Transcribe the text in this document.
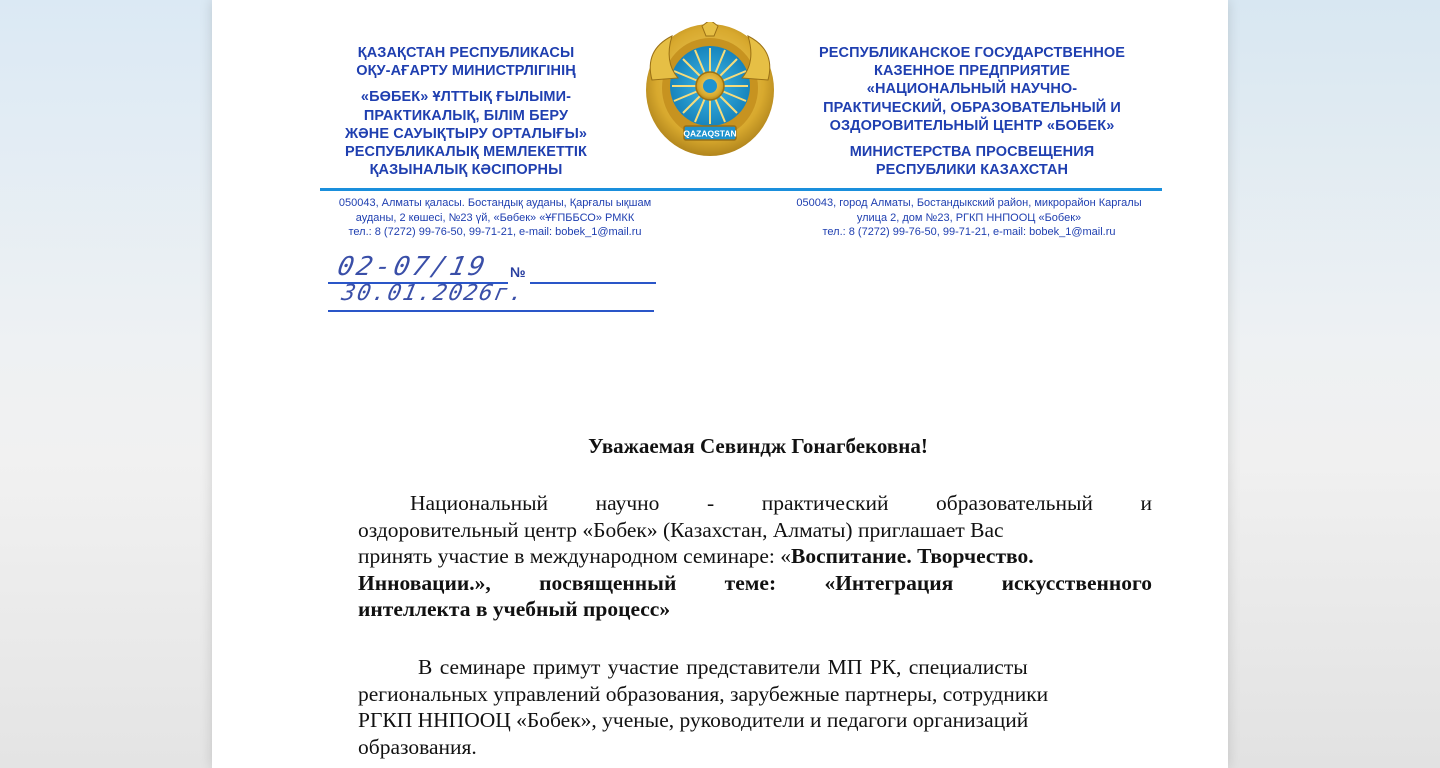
ҚАЗАҚСТАН РЕСПУБЛИКАСЫ
ОҚУ-АҒАРТУ МИНИСТРЛІГІНІҢ
«БӨБЕК» ҰЛТТЫҚ ҒЫЛЫМИ-
ПРАКТИКАЛЫҚ, БІЛІМ БЕРУ
ЖӘНЕ САУЫҚТЫРУ ОРТАЛЫҒЫ»
РЕСПУБЛИКАЛЫҚ МЕМЛЕКЕТТІК
ҚАЗЫНАЛЫҚ КӘСІПОРНЫ
QAZAQSTAN
РЕСПУБЛИКАНСКОЕ ГОСУДАРСТВЕННОЕ
КАЗЕННОЕ ПРЕДПРИЯТИЕ
«НАЦИОНАЛЬНЫЙ НАУЧНО-
ПРАКТИЧЕСКИЙ, ОБРАЗОВАТЕЛЬНЫЙ И
ОЗДОРОВИТЕЛЬНЫЙ ЦЕНТР «БОБЕК»
МИНИСТЕРСТВА ПРОСВЕЩЕНИЯ
РЕСПУБЛИКИ КАЗАХСТАН
050043, Алматы қаласы. Бостандық ауданы, Қарғалы ықшам
ауданы, 2 көшесі, №23 үй, «Бөбек» «ҰҒПББСО» РМКК
тел.: 8 (7272) 99-76-50, 99-71-21, e-mail: bobek_1@mail.ru
050043, город Алматы, Бостандыкский район, микрорайон Каргалы
улица 2, дом №23, РГКП ННПООЦ «Бобек»
тел.: 8 (7272) 99-76-50, 99-71-21, e-mail: bobek_1@mail.ru
02-07/19 №
30.01.2026г.
Уважаемая Севиндж Гонагбековна!
Национальный научно - практический образовательный и
оздоровительный центр «Бобек» (Казахстан, Алматы) приглашает Вас
принять участие в международном семинаре: « Воспитание. Творчество.
Инновации.», посвященный теме: «Интеграция искусственного
интеллекта в учебный процесс»
В семинаре примут участие представители МП РК, специалисты
региональных управлений образования, зарубежные партнеры, сотрудники
РГКП ННПООЦ «Бобек», ученые, руководители и педагоги организаций
образования.
